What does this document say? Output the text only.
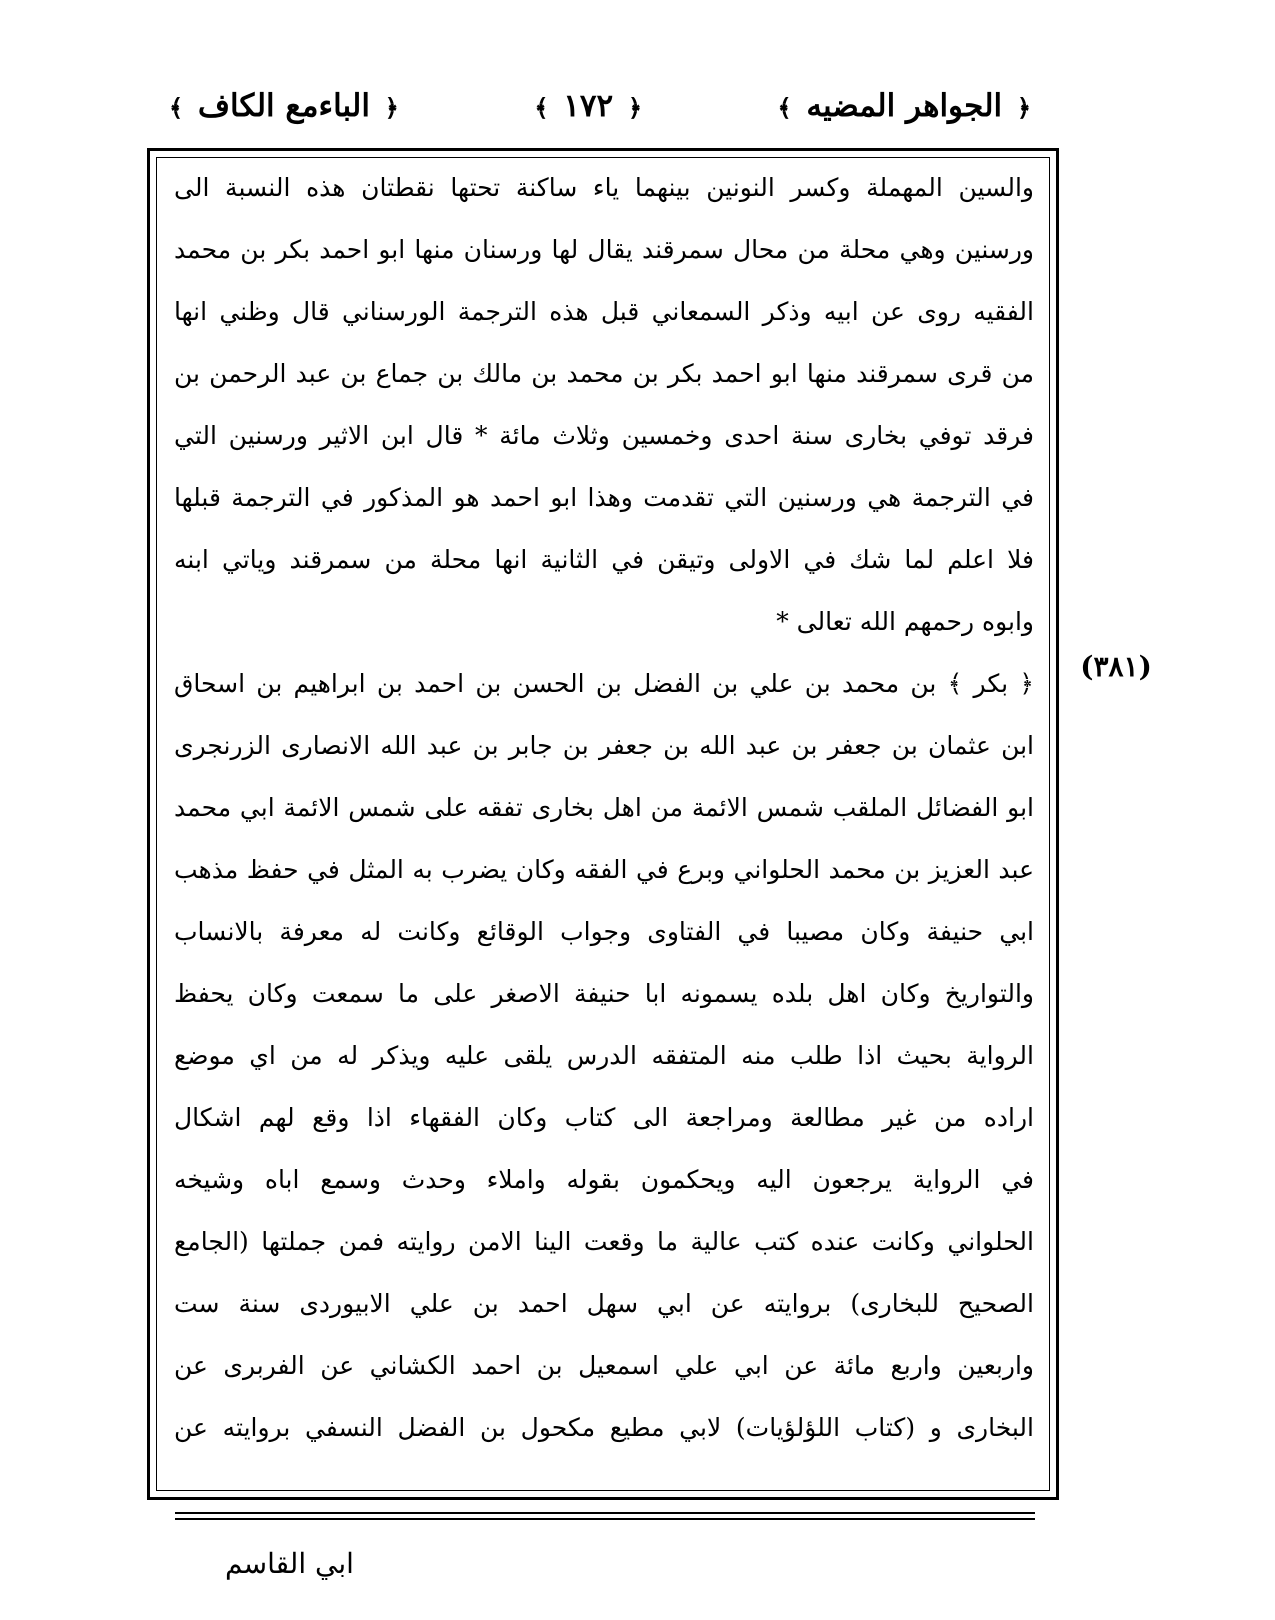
﴿ الجواهر المضيه ﴾
﴿ ١٧٢ ﴾
﴿ الباءمع الكاف ﴾
والسين المهملة وكسر النونين بينهما ياء ساكنة تحتها نقطتان هذه النسبة الى
ورسنين وهي محلة من محال سمرقند يقال لها ورسنان منها ابو احمد بكر بن محمد
الفقيه روى عن ابيه وذكر السمعاني قبل هذه الترجمة الورسناني قال وظني انها
من قرى سمرقند منها ابو احمد بكر بن محمد بن مالك بن جماع بن عبد الرحمن بن
فرقد توفي بخارى سنة احدى وخمسين وثلاث مائة * قال ابن الاثير ورسنين التي
في الترجمة هي ورسنين التي تقدمت وهذا ابو احمد هو المذكور في الترجمة قبلها
فلا اعلم لما شك في الاولى وتيقن في الثانية انها محلة من سمرقند وياتي ابنه
وابوه رحمهم الله تعالى *
﴿ بكر ﴾ بن محمد بن علي بن الفضل بن الحسن بن احمد بن ابراهيم بن اسحاق
ابن عثمان بن جعفر بن عبد الله بن جعفر بن جابر بن عبد الله الانصارى الزرنجرى
ابو الفضائل الملقب شمس الائمة من اهل بخارى تفقه على شمس الائمة ابي محمد
عبد العزيز بن محمد الحلواني وبرع في الفقه وكان يضرب به المثل في حفظ مذهب
ابي حنيفة وكان مصيبا في الفتاوى وجواب الوقائع وكانت له معرفة بالانساب
والتواريخ وكان اهل بلده يسمونه ابا حنيفة الاصغر على ما سمعت وكان يحفظ
الرواية بحيث اذا طلب منه المتفقه الدرس يلقى عليه ويذكر له من اي موضع
اراده من غير مطالعة ومراجعة الى كتاب وكان الفقهاء اذا وقع لهم اشكال
في الرواية يرجعون اليه ويحكمون بقوله واملاء وحدث وسمع اباه وشيخه
الحلواني وكانت عنده كتب عالية ما وقعت الينا الامن روايته فمن جملتها (الجامع
الصحيح للبخارى) بروايته عن ابي سهل احمد بن علي الابيوردى سنة ست
واربعين واربع مائة عن ابي علي اسمعيل بن احمد الكشاني عن الفربرى عن
البخارى و (كتاب اللؤلؤيات) لابي مطيع مكحول بن الفضل النسفي بروايته عن
(٣٨١)
ابي القاسم
